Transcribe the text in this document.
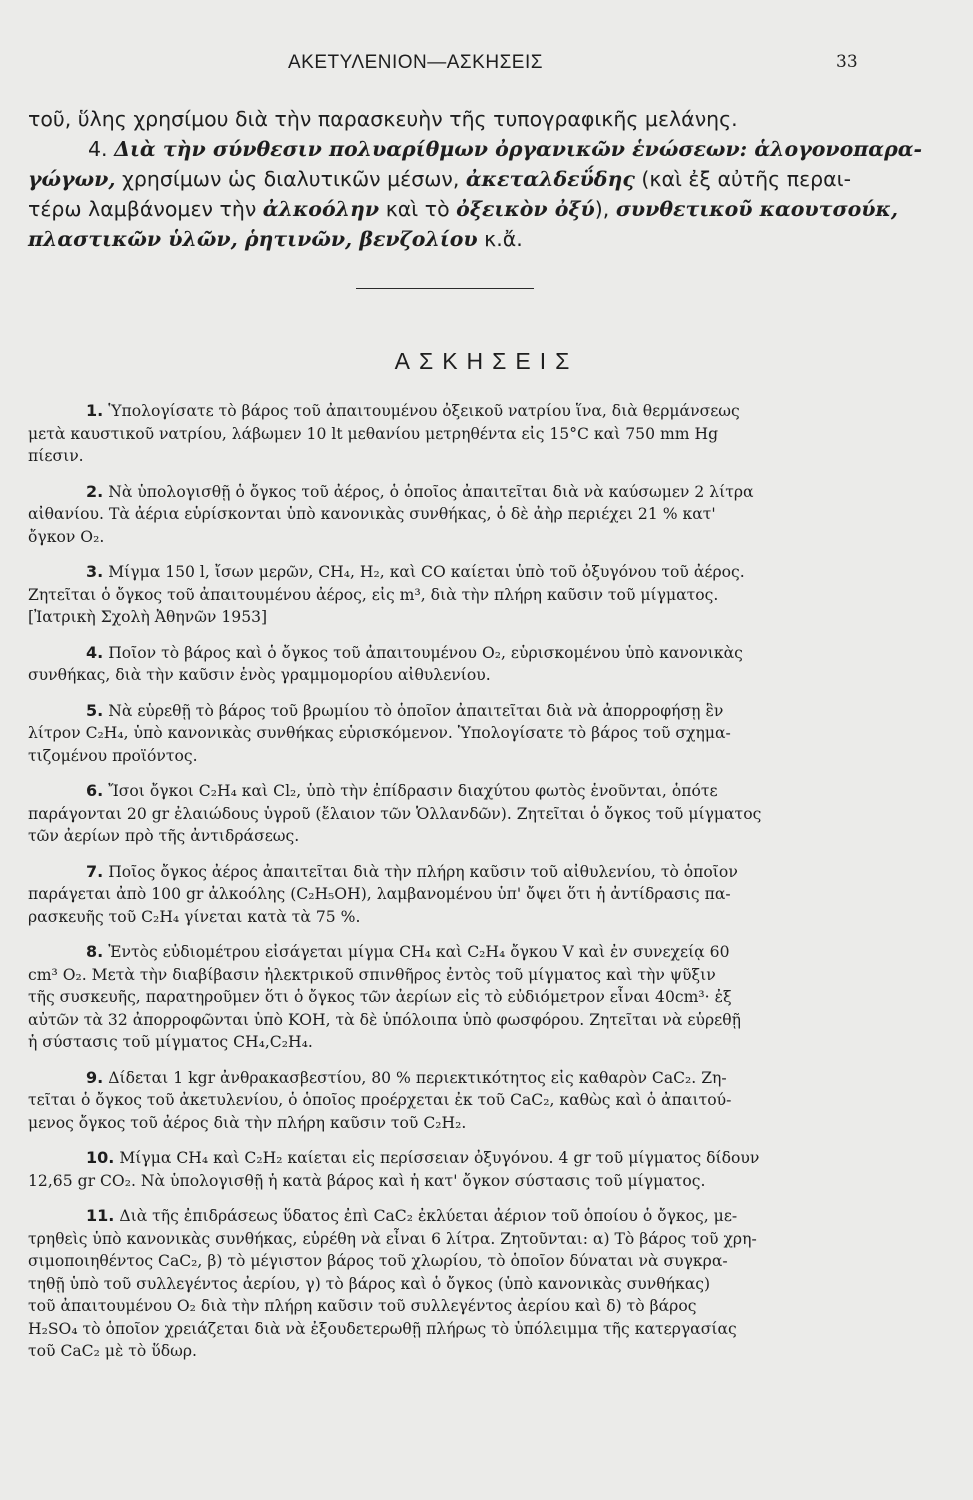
ΑΚΕΤΥΛΕΝΙΟΝ—ΑΣΚΗΣΕΙΣ	33
τοῦ, ὕλης χρησίμου διὰ τὴν παρασκευὴν τῆς τυπογραφικῆς μελάνης.
4. Διὰ τὴν σύνθεσιν πολυαρίθμων ὀργανικῶν ἑνώσεων: ἁλογονοπαρα-
γώγων, χρησίμων ὡς διαλυτικῶν μέσων, ἀκεταλδεΰδης (καὶ ἐξ αὐτῆς περαι-
τέρω λαμβάνομεν τὴν ἀλκοόλην καὶ τὸ ὀξεικὸν ὀξύ), συνθετικοῦ καουτσούκ,
πλαστικῶν ὑλῶν, ῥητινῶν, βενζολίου κ.ἄ.
ΑΣΚΗΣΕΙΣ
1. Ὑπολογίσατε τὸ βάρος τοῦ ἀπαιτουμένου ὀξεικοῦ νατρίου ἵνα, διὰ θερμάνσεως
μετὰ καυστικοῦ νατρίου, λάβωμεν 10 lt μεθανίου μετρηθέντα εἰς 15°C καὶ 750 mm Hg
πίεσιν.
2. Νὰ ὑπολογισθῇ ὁ ὄγκος τοῦ ἀέρος, ὁ ὁποῖος ἀπαιτεῖται διὰ νὰ καύσωμεν 2 λίτρα
αἰθανίου. Τὰ ἀέρια εὑρίσκονται ὑπὸ κανονικὰς συνθήκας, ὁ δὲ ἀὴρ περιέχει 21 % κατ'
ὄγκον O₂.
3. Μίγμα 150 l, ἴσων μερῶν, CH₄, H₂, καὶ CO καίεται ὑπὸ τοῦ ὀξυγόνου τοῦ ἀέρος.
Ζητεῖται ὁ ὄγκος τοῦ ἀπαιτουμένου ἀέρος, εἰς m³, διὰ τὴν πλήρη καῦσιν τοῦ μίγματος.
[Ἰατρικὴ Σχολὴ Ἀθηνῶν 1953]
4. Ποῖον τὸ βάρος καὶ ὁ ὄγκος τοῦ ἀπαιτουμένου O₂, εὑρισκομένου ὑπὸ κανονικὰς
συνθήκας, διὰ τὴν καῦσιν ἑνὸς γραμμομορίου αἰθυλενίου.
5. Νὰ εὑρεθῇ τὸ βάρος τοῦ βρωμίου τὸ ὁποῖον ἀπαιτεῖται διὰ νὰ ἀπορροφήσῃ ἓν
λίτρον C₂H₄, ὑπὸ κανονικὰς συνθήκας εὑρισκόμενον. Ὑπολογίσατε τὸ βάρος τοῦ σχημα-
τιζομένου προϊόντος.
6. Ἴσοι ὄγκοι C₂H₄ καὶ Cl₂, ὑπὸ τὴν ἐπίδρασιν διαχύτου φωτὸς ἑνοῦνται, ὁπότε
παράγονται 20 gr ἐλαιώδους ὑγροῦ (ἔλαιον τῶν Ὁλλανδῶν). Ζητεῖται ὁ ὄγκος τοῦ μίγματος
τῶν ἀερίων πρὸ τῆς ἀντιδράσεως.
7. Ποῖος ὄγκος ἀέρος ἀπαιτεῖται διὰ τὴν πλήρη καῦσιν τοῦ αἰθυλενίου, τὸ ὁποῖον
παράγεται ἀπὸ 100 gr ἀλκοόλης (C₂H₅OH), λαμβανομένου ὑπ' ὄψει ὅτι ἡ ἀντίδρασις πα-
ρασκευῆς τοῦ C₂H₄ γίνεται κατὰ τὰ 75 %.
8. Ἐντὸς εὐδιομέτρου εἰσάγεται μίγμα CH₄ καὶ C₂H₄ ὄγκου V καὶ ἐν συνεχείᾳ 60
cm³ O₂. Μετὰ τὴν διαβίβασιν ἠλεκτρικοῦ σπινθῆρος ἐντὸς τοῦ μίγματος καὶ τὴν ψῦξιν
τῆς συσκευῆς, παρατηροῦμεν ὅτι ὁ ὄγκος τῶν ἀερίων εἰς τὸ εὐδιόμετρον εἶναι 40cm³· ἐξ
αὐτῶν τὰ 32 ἀπορροφῶνται ὑπὸ KOH, τὰ δὲ ὑπόλοιπα ὑπὸ φωσφόρου. Ζητεῖται νὰ εὑρεθῇ
ἡ σύστασις τοῦ μίγματος CH₄,C₂H₄.
9. Δίδεται 1 kgr ἀνθρακασβεστίου, 80 % περιεκτικότητος εἰς καθαρὸν CaC₂. Ζη-
τεῖται ὁ ὄγκος τοῦ ἀκετυλενίου, ὁ ὁποῖος προέρχεται ἐκ τοῦ CaC₂, καθὼς καὶ ὁ ἀπαιτού-
μενος ὄγκος τοῦ ἀέρος διὰ τὴν πλήρη καῦσιν τοῦ C₂H₂.
10. Μίγμα CH₄ καὶ C₂H₂ καίεται εἰς περίσσειαν ὀξυγόνου. 4 gr τοῦ μίγματος δίδουν
12,65 gr CO₂. Νὰ ὑπολογισθῇ ἡ κατὰ βάρος καὶ ἡ κατ' ὄγκον σύστασις τοῦ μίγματος.
11. Διὰ τῆς ἐπιδράσεως ὕδατος ἐπὶ CaC₂ ἐκλύεται ἀέριον τοῦ ὁποίου ὁ ὄγκος, με-
τρηθεὶς ὑπὸ κανονικὰς συνθήκας, εὑρέθη νὰ εἶναι 6 λίτρα. Ζητοῦνται: α) Τὸ βάρος τοῦ χρη-
σιμοποιηθέντος CaC₂, β) τὸ μέγιστον βάρος τοῦ χλωρίου, τὸ ὁποῖον δύναται νὰ συγκρα-
τηθῇ ὑπὸ τοῦ συλλεγέντος ἀερίου, γ) τὸ βάρος καὶ ὁ ὄγκος (ὑπὸ κανονικὰς συνθήκας)
τοῦ ἀπαιτουμένου O₂ διὰ τὴν πλήρη καῦσιν τοῦ συλλεγέντος ἀερίου καὶ δ) τὸ βάρος
H₂SO₄ τὸ ὁποῖον χρειάζεται διὰ νὰ ἐξουδετερωθῇ πλήρως τὸ ὑπόλειμμα τῆς κατεργασίας
τοῦ CaC₂ μὲ τὸ ὕδωρ.
